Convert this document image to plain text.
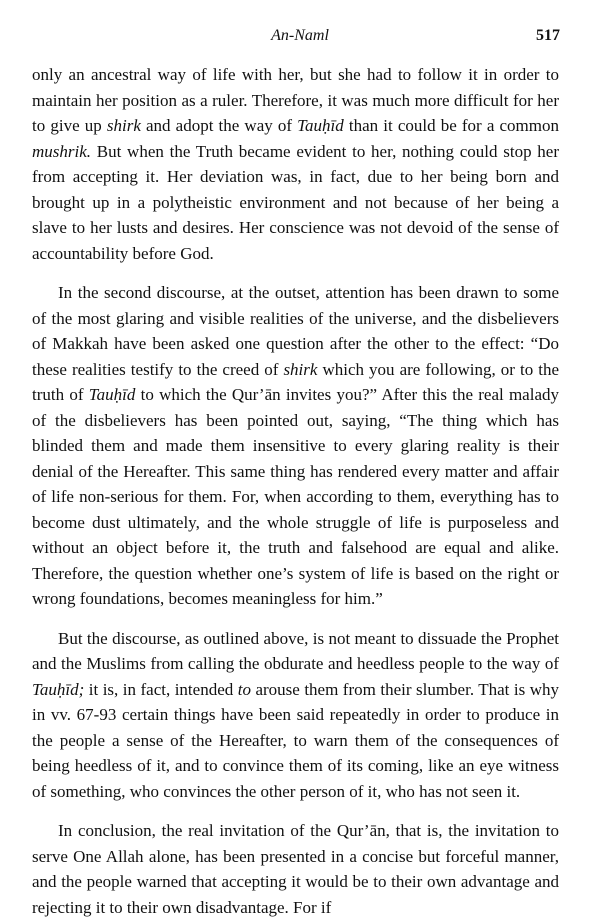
An-Naml	517

only an ancestral way of life with her, but she had to follow it in order to maintain her position as a ruler. Therefore, it was much more difficult for her to give up shirk and adopt the way of Tauḥīd than it could be for a common mushrik. But when the Truth became evident to her, nothing could stop her from accepting it. Her deviation was, in fact, due to her being born and brought up in a polytheistic environment and not because of her being a slave to her lusts and desires. Her conscience was not devoid of the sense of accountability before God.

In the second discourse, at the outset, attention has been drawn to some of the most glaring and visible realities of the universe, and the disbelievers of Makkah have been asked one question after the other to the effect: “Do these realities testify to the creed of shirk which you are following, or to the truth of Tauḥīd to which the Qur’ān invites you?” After this the real malady of the disbelievers has been pointed out, saying, “The thing which has blinded them and made them insensitive to every glaring reality is their denial of the Hereafter. This same thing has rendered every matter and affair of life non-serious for them. For, when according to them, everything has to become dust ultimately, and the whole struggle of life is purposeless and without an object before it, the truth and falsehood are equal and alike. Therefore, the question whether one’s system of life is based on the right or wrong foundations, becomes meaningless for him.”

But the discourse, as outlined above, is not meant to dissuade the Prophet and the Muslims from calling the obdurate and heedless people to the way of Tauḥīd; it is, in fact, intended to arouse them from their slumber. That is why in vv. 67-93 certain things have been said repeatedly in order to produce in the people a sense of the Hereafter, to warn them of the consequences of being heedless of it, and to convince them of its coming, like an eye witness of something, who convinces the other person of it, who has not seen it.

In conclusion, the real invitation of the Qur’ān, that is, the invitation to serve One Allah alone, has been presented in a concise but forceful manner, and the people warned that accepting it would be to their own advantage and rejecting it to their own disadvantage. For if
